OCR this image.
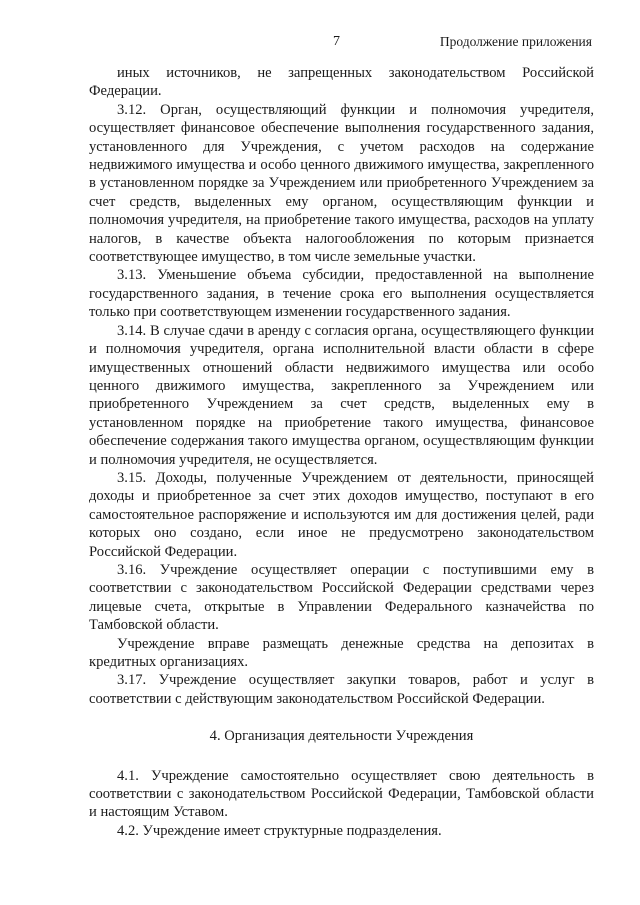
7	Продолжение приложения

иных источников, не запрещенных законодательством Российской Федерации.

3.12. Орган, осуществляющий функции и полномочия учредителя, осуществляет финансовое обеспечение выполнения государственного задания, установленного для Учреждения, с учетом расходов на содержание недвижимого имущества и особо ценного движимого имущества, закрепленного в установленном порядке за Учреждением или приобретенного Учреждением за счет средств, выделенных ему органом, осуществляющим функции и полномочия учредителя, на приобретение такого имущества, расходов на уплату налогов, в качестве объекта налогообложения по которым признается соответствующее имущество, в том числе земельные участки.

3.13. Уменьшение объема субсидии, предоставленной на выполнение государственного задания, в течение срока его выполнения осуществляется только при соответствующем изменении государственного задания.

3.14. В случае сдачи в аренду с согласия органа, осуществляющего функции и полномочия учредителя, органа исполнительной власти области в сфере имущественных отношений области недвижимого имущества или особо ценного движимого имущества, закрепленного за Учреждением или приобретенного Учреждением за счет средств, выделенных ему в установленном порядке на приобретение такого имущества, финансовое обеспечение содержания такого имущества органом, осуществляющим функции и полномочия учредителя, не осуществляется.

3.15. Доходы, полученные Учреждением от деятельности, приносящей доходы и приобретенное за счет этих доходов имущество, поступают в его самостоятельное распоряжение и используются им для достижения целей, ради которых оно создано, если иное не предусмотрено законодательством Российской Федерации.

3.16. Учреждение осуществляет операции с поступившими ему в соответствии с законодательством Российской Федерации средствами через лицевые счета, открытые в Управлении Федерального казначейства по Тамбовской области.

Учреждение вправе размещать денежные средства на депозитах в кредитных организациях.

3.17. Учреждение осуществляет закупки товаров, работ и услуг в соответствии с действующим законодательством Российской Федерации.

4. Организация деятельности Учреждения

4.1. Учреждение самостоятельно осуществляет свою деятельность в соответствии с законодательством Российской Федерации, Тамбовской области и настоящим Уставом.

4.2. Учреждение имеет структурные подразделения.
